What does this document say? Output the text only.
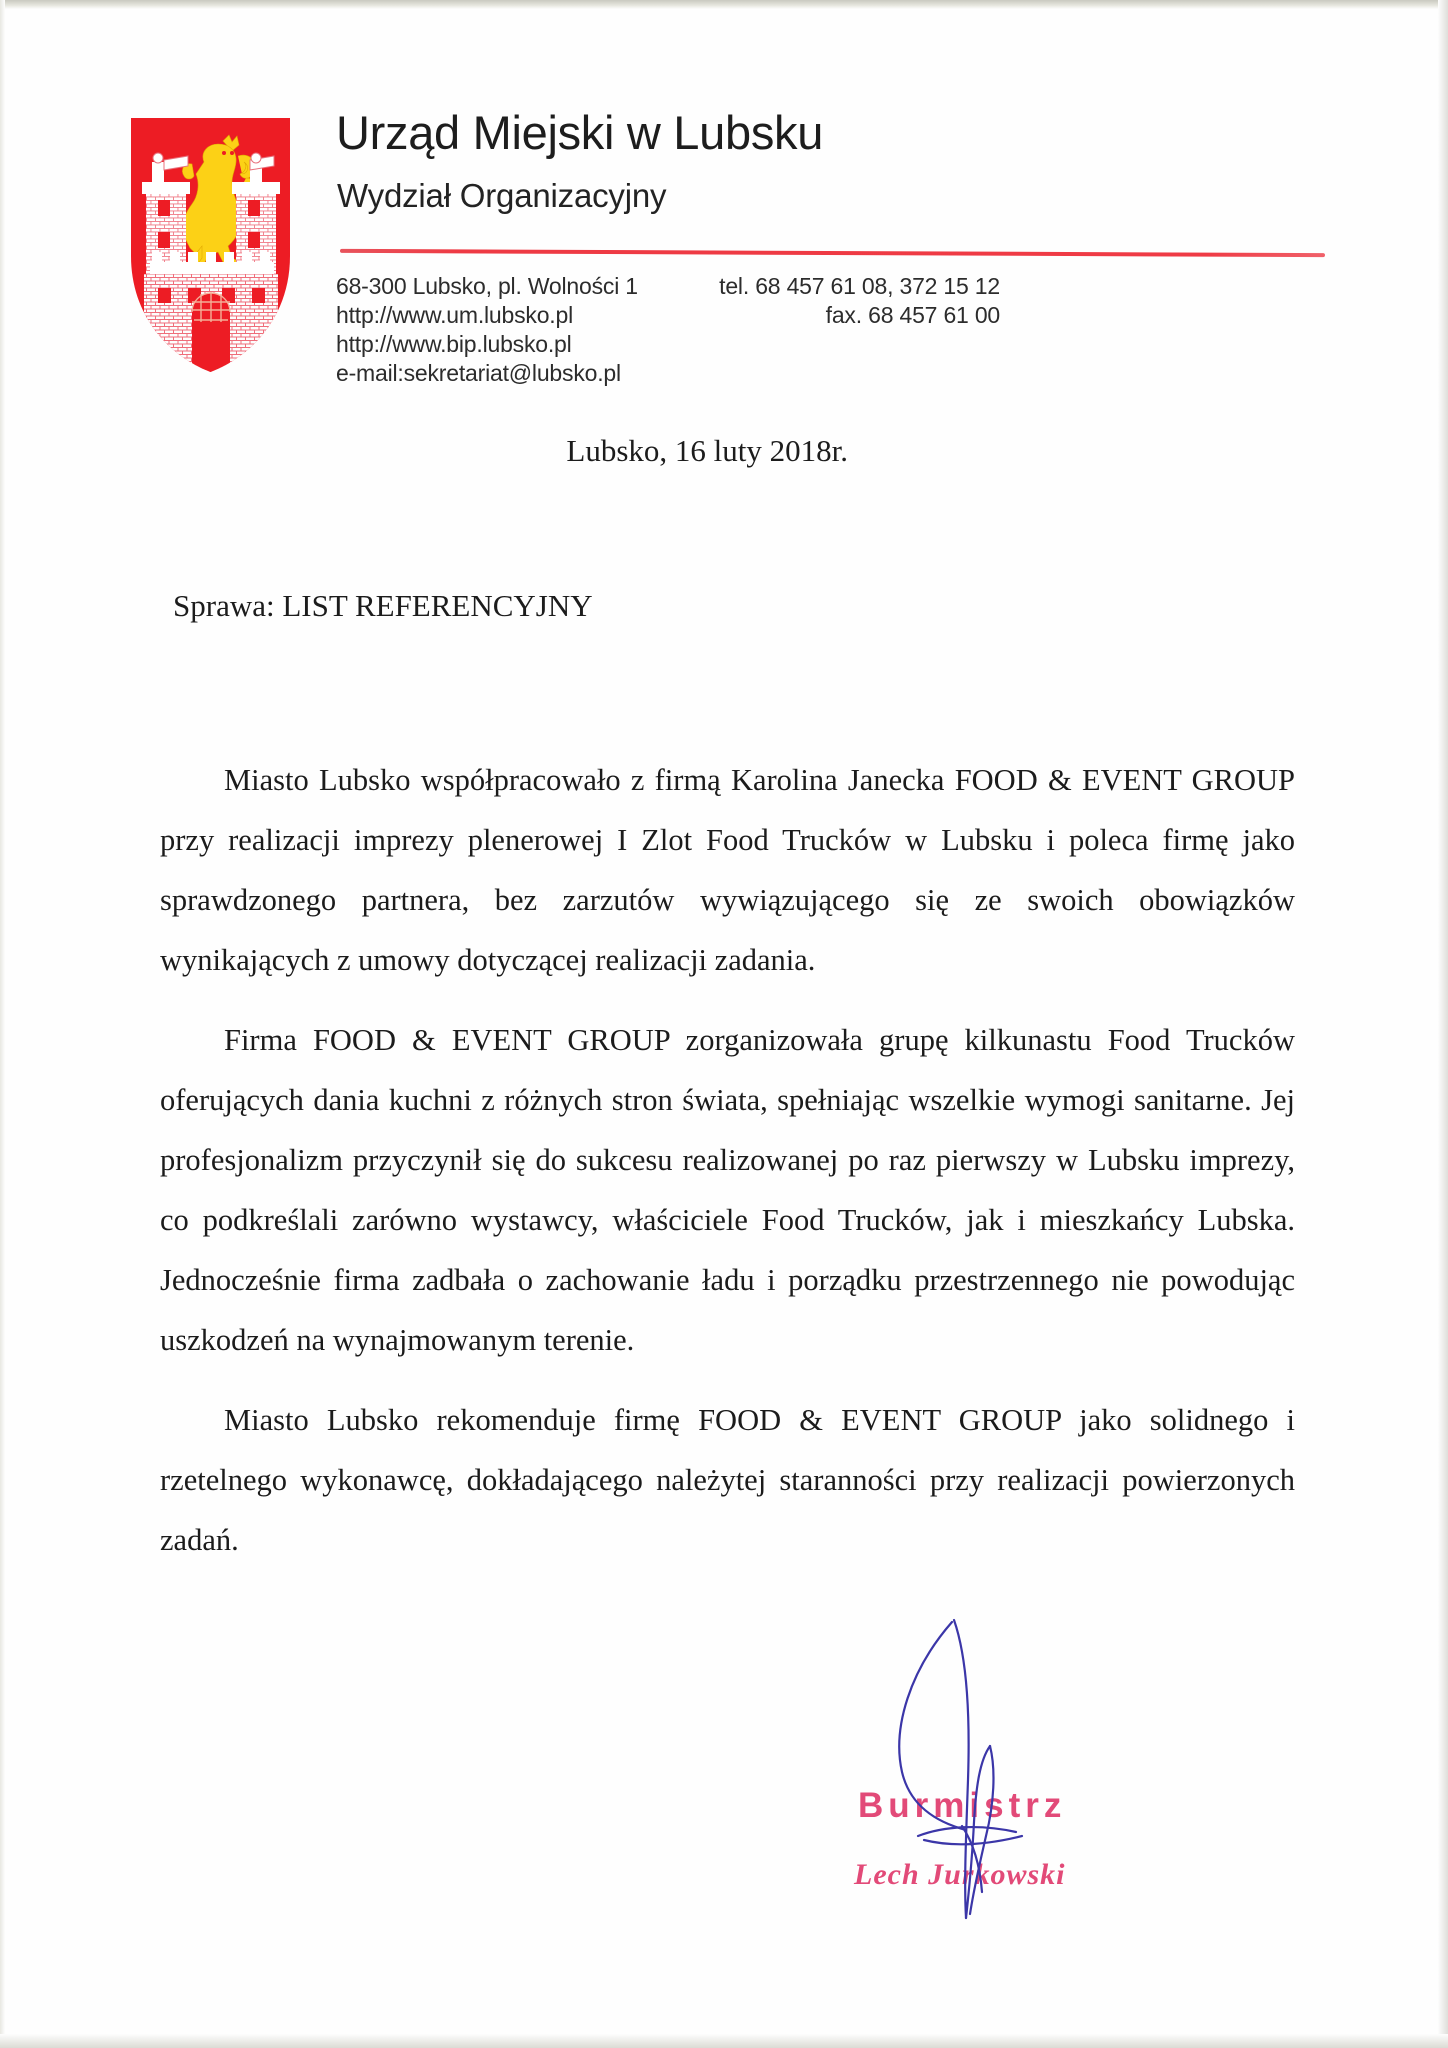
Urząd Miejski w Lubsku
Wydział Organizacyjny
68-300 Lubsko, pl. Wolności 1
http://www.um.lubsko.pl
http://www.bip.lubsko.pl
e-mail:sekretariat@lubsko.pl
tel. 68 457 61 08, 372 15 12
fax. 68 457 61 00
Lubsko, 16 luty 2018r.
Sprawa: LIST REFERENCYJNY

Miasto Lubsko współpracowało z firmą Karolina Janecka FOOD & EVENT GROUP przy realizacji imprezy plenerowej I Zlot Food Trucków w Lubsku i poleca firmę jako sprawdzonego partnera, bez zarzutów wywiązującego się ze swoich obowiązków wynikających z umowy dotyczącej realizacji zadania.

Firma FOOD & EVENT GROUP zorganizowała grupę kilkunastu Food Trucków oferujących dania kuchni z różnych stron świata, spełniając wszelkie wymogi sanitarne. Jej profesjonalizm przyczynił się do sukcesu realizowanej po raz pierwszy w Lubsku imprezy, co podkreślali zarówno wystawcy, właściciele Food Trucków, jak i mieszkańcy Lubska. Jednocześnie firma zadbała o zachowanie ładu i porządku przestrzennego nie powodując uszkodzeń na wynajmowanym terenie.

Miasto Lubsko rekomenduje firmę FOOD & EVENT GROUP jako solidnego i rzetelnego wykonawcę, dokładającego należytej staranności przy realizacji powierzonych zadań.

Burmistrz
Lech Jurkowski
